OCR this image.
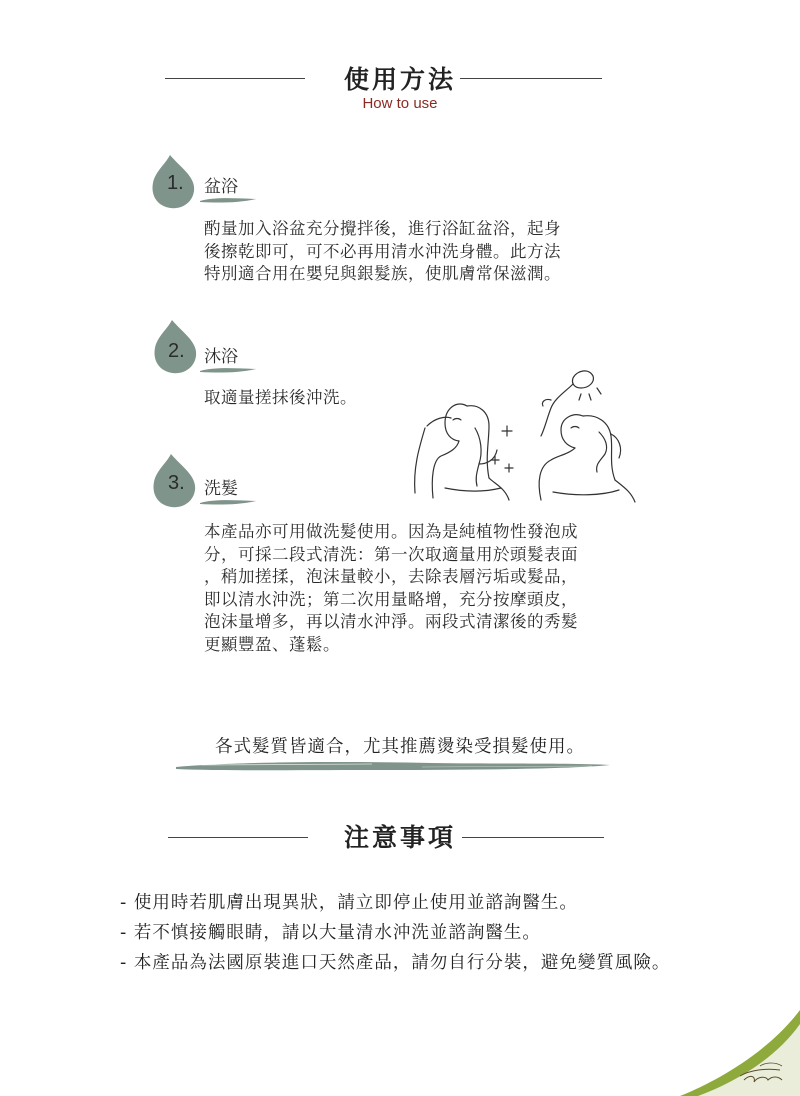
使用方法
How to use
1. 盆浴
酌量加入浴盆充分攪拌後，進行浴缸盆浴，起身
後擦乾即可，可不必再用清水沖洗身體。此方法
特別適合用在嬰兒與銀髮族，使肌膚常保滋潤。
2. 沐浴
取適量搓抹後沖洗。
3. 洗髮
本產品亦可用做洗髮使用。因為是純植物性發泡成
分，可採二段式清洗：第一次取適量用於頭髮表面
，稍加搓揉，泡沫量較小，去除表層污垢或髮品，
即以清水沖洗；第二次用量略增，充分按摩頭皮，
泡沫量增多，再以清水沖淨。兩段式清潔後的秀髮
更顯豐盈、蓬鬆。
各式髮質皆適合，尤其推薦燙染受損髮使用。
注意事項
- 使用時若肌膚出現異狀，請立即停止使用並諮詢醫生。
- 若不慎接觸眼睛，請以大量清水沖洗並諮詢醫生。
- 本產品為法國原裝進口天然產品，請勿自行分裝，避免變質風險。
